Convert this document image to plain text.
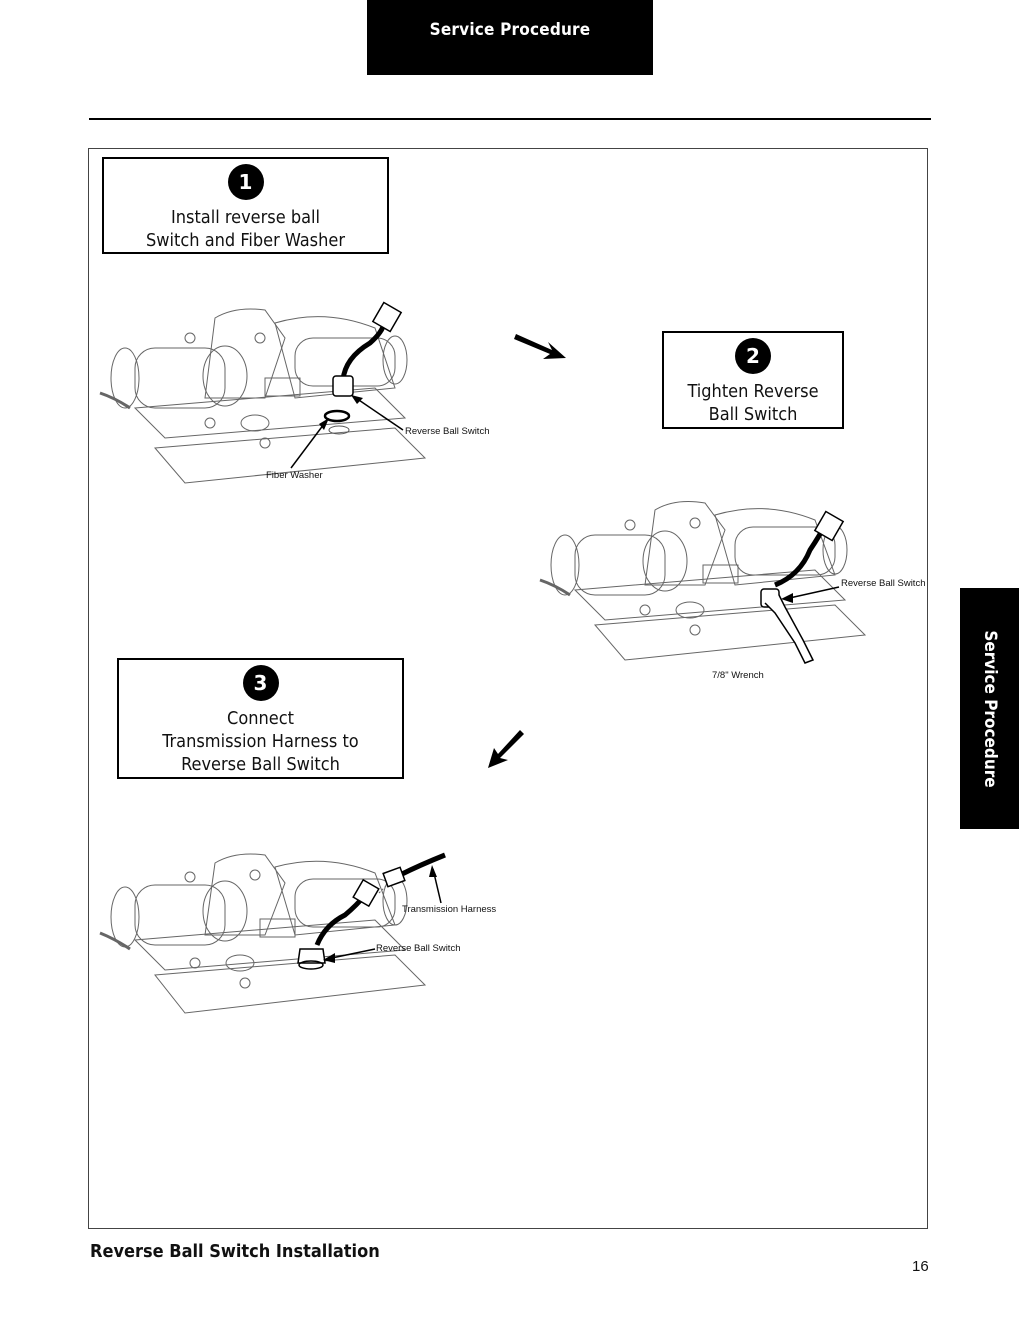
Service Procedure
Service Procedure
1
Install reverse ball
Switch and Fiber Washer
2
Tighten Reverse
Ball Switch
3
Connect
Transmission Harness to
Reverse Ball Switch
Reverse Ball Switch
Fiber Washer
Reverse Ball Switch
7/8" Wrench
Transmission Harness
Reverse Ball Switch
Reverse Ball Switch Installation
16
